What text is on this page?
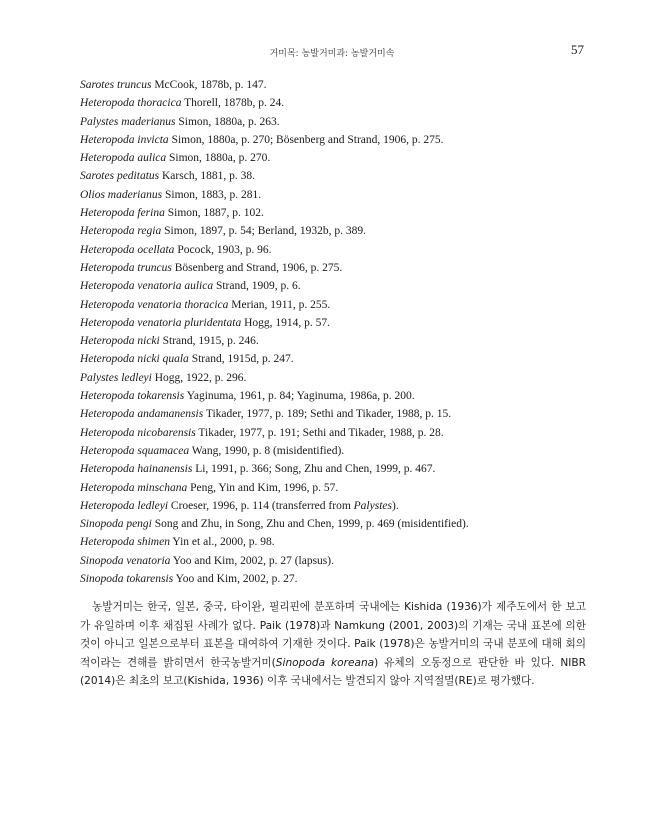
거미목: 농발거미과: 농발거미속	57
Sarotes truncus McCook, 1878b, p. 147.
Heteropoda thoracica Thorell, 1878b, p. 24.
Palystes maderianus Simon, 1880a, p. 263.
Heteropoda invicta Simon, 1880a, p. 270; Bösenberg and Strand, 1906, p. 275.
Heteropoda aulica Simon, 1880a, p. 270.
Sarotes peditatus Karsch, 1881, p. 38.
Olios maderianus Simon, 1883, p. 281.
Heteropoda ferina Simon, 1887, p. 102.
Heteropoda regia Simon, 1897, p. 54; Berland, 1932b, p. 389.
Heteropoda ocellata Pocock, 1903, p. 96.
Heteropoda truncus Bösenberg and Strand, 1906, p. 275.
Heteropoda venatoria aulica Strand, 1909, p. 6.
Heteropoda venatoria thoracica Merian, 1911, p. 255.
Heteropoda venatoria pluridentata Hogg, 1914, p. 57.
Heteropoda nicki Strand, 1915, p. 246.
Heteropoda nicki quala Strand, 1915d, p. 247.
Palystes ledleyi Hogg, 1922, p. 296.
Heteropoda tokarensis Yaginuma, 1961, p. 84; Yaginuma, 1986a, p. 200.
Heteropoda andamanensis Tikader, 1977, p. 189; Sethi and Tikader, 1988, p. 15.
Heteropoda nicobarensis Tikader, 1977, p. 191; Sethi and Tikader, 1988, p. 28.
Heteropoda squamacea Wang, 1990, p. 8 (misidentified).
Heteropoda hainanensis Li, 1991, p. 366; Song, Zhu and Chen, 1999, p. 467.
Heteropoda minschana Peng, Yin and Kim, 1996, p. 57.
Heteropoda ledleyi Croeser, 1996, p. 114 (transferred from Palystes).
Sinopoda pengi Song and Zhu, in Song, Zhu and Chen, 1999, p. 469 (misidentified).
Heteropoda shimen Yin et al., 2000, p. 98.
Sinopoda venatoria Yoo and Kim, 2002, p. 27 (lapsus).
Sinopoda tokarensis Yoo and Kim, 2002, p. 27.

농발거미는 한국, 일본, 중국, 타이완, 필리핀에 분포하며 국내에는 Kishida (1936)가 제주도에서 한 보고가 유일하며 이후 채집된 사례가 없다. Paik (1978)과 Namkung (2001, 2003)의 기재는 국내 표본에 의한 것이 아니고 일본으로부터 표본을 대여하여 기재한 것이다. Paik (1978)은 농발거미의 국내 분포에 대해 회의적이라는 견해를 밝히면서 한국농발거미(Sinopoda koreana) 유체의 오동정으로 판단한 바 있다. NIBR (2014)은 최초의 보고(Kishida, 1936) 이후 국내에서는 발견되지 않아 지역절멸(RE)로 평가했다.
